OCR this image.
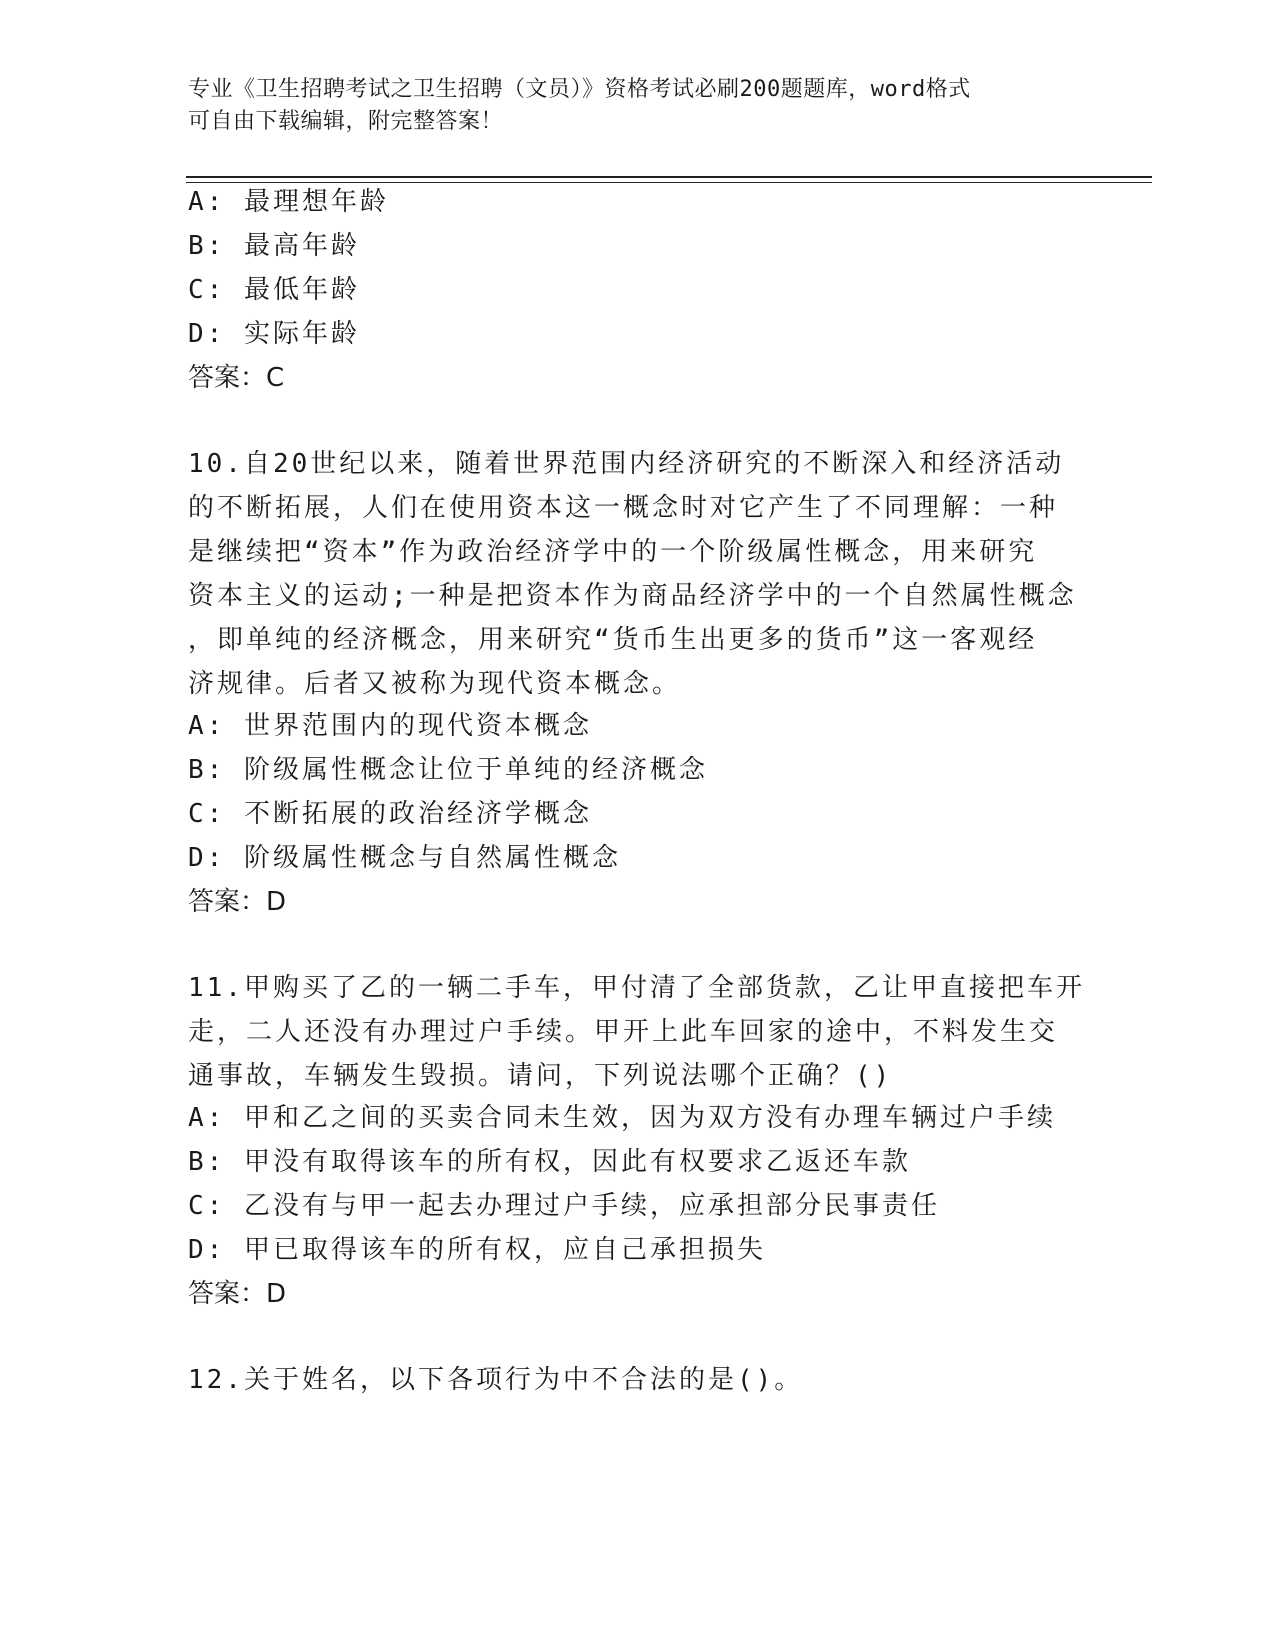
专业《卫生招聘考试之卫生招聘（文员）》资格考试必刷200题题库，word格式
可自由下载编辑，附完整答案！
A: 最理想年龄
B: 最高年龄
C: 最低年龄
D: 实际年龄
答案：C
10.自20世纪以来，随着世界范围内经济研究的不断深入和经济活动
的不断拓展，人们在使用资本这一概念时对它产生了不同理解：一种
是继续把“资本”作为政治经济学中的一个阶级属性概念，用来研究
资本主义的运动;一种是把资本作为商品经济学中的一个自然属性概念
，即单纯的经济概念，用来研究“货币生出更多的货币”这一客观经
济规律。后者又被称为现代资本概念。
A: 世界范围内的现代资本概念
B: 阶级属性概念让位于单纯的经济概念
C: 不断拓展的政治经济学概念
D: 阶级属性概念与自然属性概念
答案：D
11.甲购买了乙的一辆二手车，甲付清了全部货款，乙让甲直接把车开
走，二人还没有办理过户手续。甲开上此车回家的途中，不料发生交
通事故，车辆发生毁损。请问，下列说法哪个正确？()
A: 甲和乙之间的买卖合同未生效，因为双方没有办理车辆过户手续
B: 甲没有取得该车的所有权，因此有权要求乙返还车款
C: 乙没有与甲一起去办理过户手续，应承担部分民事责任
D: 甲已取得该车的所有权，应自己承担损失
答案：D
12.关于姓名，以下各项行为中不合法的是()。
